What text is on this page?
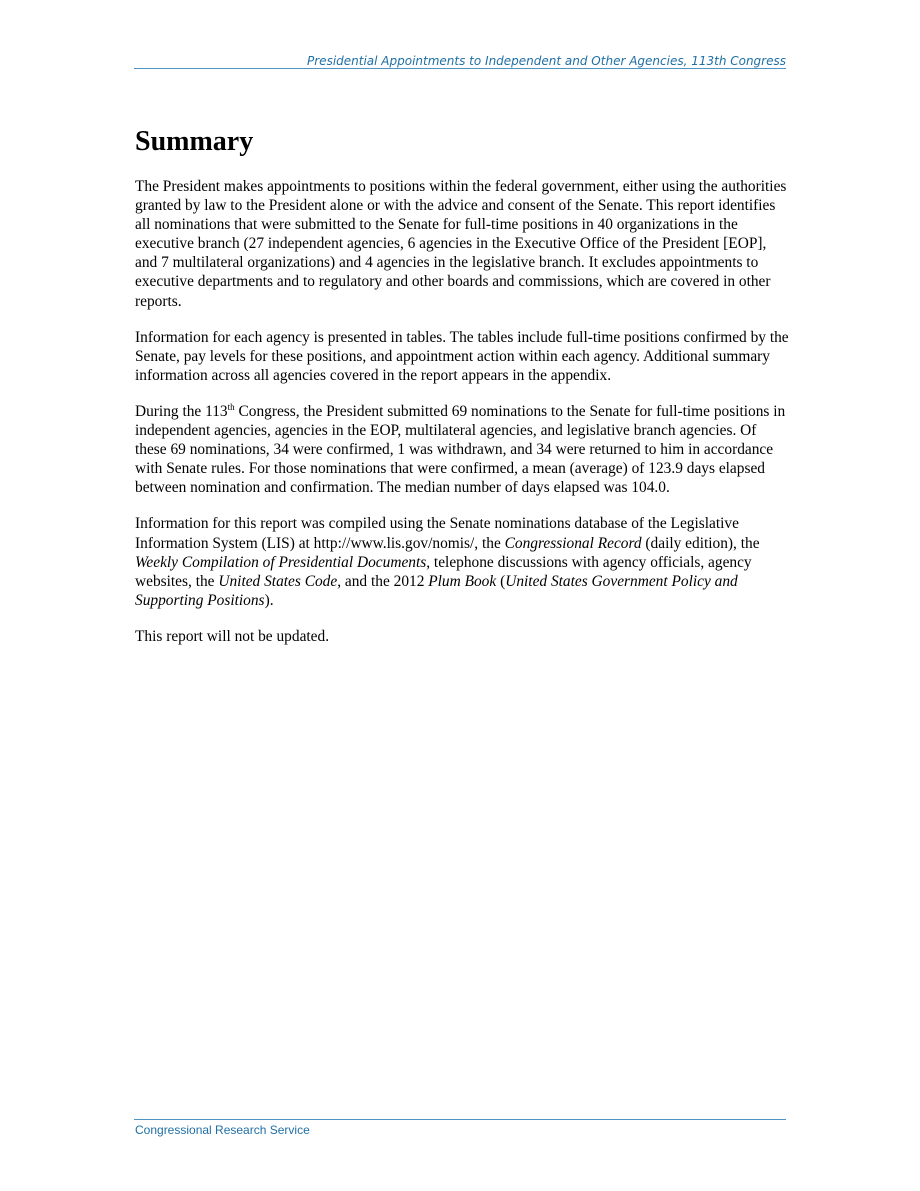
Presidential Appointments to Independent and Other Agencies, 113th Congress
Summary

The President makes appointments to positions within the federal government, either using the authorities granted by law to the President alone or with the advice and consent of the Senate. This report identifies all nominations that were submitted to the Senate for full-time positions in 40 organizations in the executive branch (27 independent agencies, 6 agencies in the Executive Office of the President [EOP], and 7 multilateral organizations) and 4 agencies in the legislative branch. It excludes appointments to executive departments and to regulatory and other boards and commissions, which are covered in other reports.

Information for each agency is presented in tables. The tables include full-time positions confirmed by the Senate, pay levels for these positions, and appointment action within each agency. Additional summary information across all agencies covered in the report appears in the appendix.

During the 113th Congress, the President submitted 69 nominations to the Senate for full-time positions in independent agencies, agencies in the EOP, multilateral agencies, and legislative branch agencies. Of these 69 nominations, 34 were confirmed, 1 was withdrawn, and 34 were returned to him in accordance with Senate rules. For those nominations that were confirmed, a mean (average) of 123.9 days elapsed between nomination and confirmation. The median number of days elapsed was 104.0.

Information for this report was compiled using the Senate nominations database of the Legislative Information System (LIS) at http://www.lis.gov/nomis/, the Congressional Record (daily edition), the Weekly Compilation of Presidential Documents, telephone discussions with agency officials, agency websites, the United States Code, and the 2012 Plum Book (United States Government Policy and Supporting Positions).

This report will not be updated.

Congressional Research Service
